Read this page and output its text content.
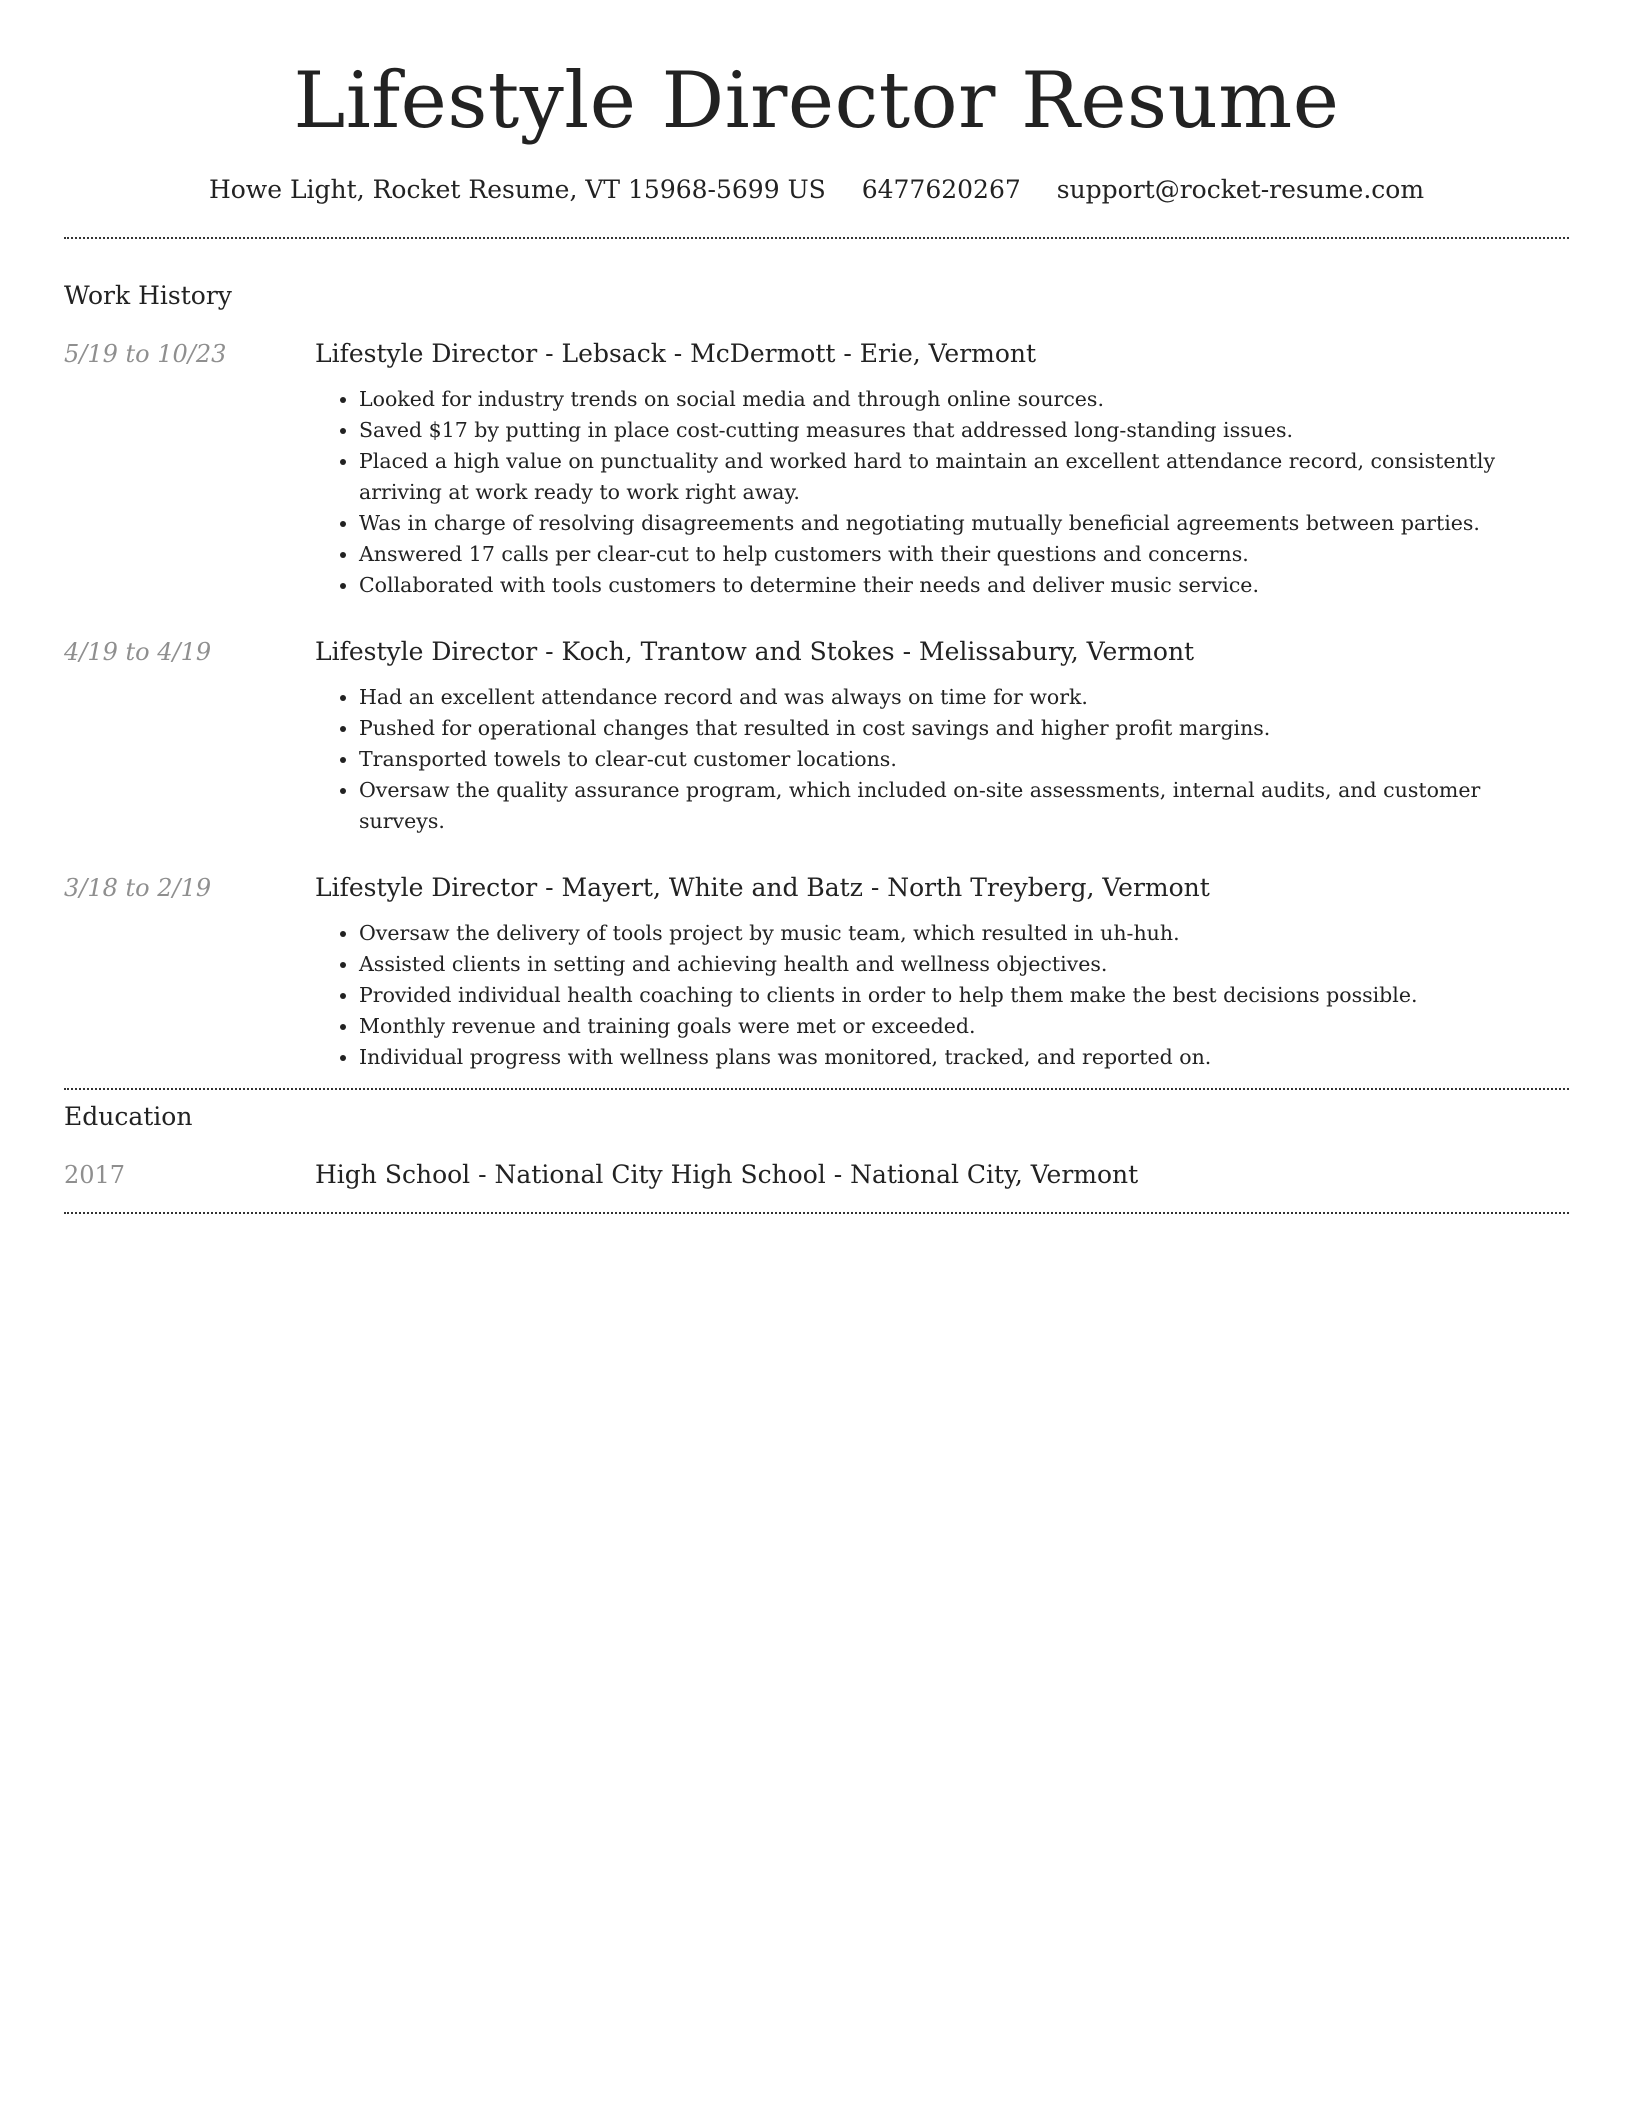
Lifestyle Director Resume
Howe Light, Rocket Resume, VT 15968-5699 US 6477620267 support@rocket-resume.com
Work History
5/19 to 10/23	Lifestyle Director - Lebsack - McDermott - Erie, Vermont
• Looked for industry trends on social media and through online sources.
• Saved $17 by putting in place cost-cutting measures that addressed long-standing issues.
• Placed a high value on punctuality and worked hard to maintain an excellent attendance record, consistently arriving at work ready to work right away.
• Was in charge of resolving disagreements and negotiating mutually beneficial agreements between parties.
• Answered 17 calls per clear-cut to help customers with their questions and concerns.
• Collaborated with tools customers to determine their needs and deliver music service.
4/19 to 4/19	Lifestyle Director - Koch, Trantow and Stokes - Melissabury, Vermont
• Had an excellent attendance record and was always on time for work.
• Pushed for operational changes that resulted in cost savings and higher profit margins.
• Transported towels to clear-cut customer locations.
• Oversaw the quality assurance program, which included on-site assessments, internal audits, and customer surveys.
3/18 to 2/19	Lifestyle Director - Mayert, White and Batz - North Treyberg, Vermont
• Oversaw the delivery of tools project by music team, which resulted in uh-huh.
• Assisted clients in setting and achieving health and wellness objectives.
• Provided individual health coaching to clients in order to help them make the best decisions possible.
• Monthly revenue and training goals were met or exceeded.
• Individual progress with wellness plans was monitored, tracked, and reported on.
Education
2017	High School - National City High School - National City, Vermont
